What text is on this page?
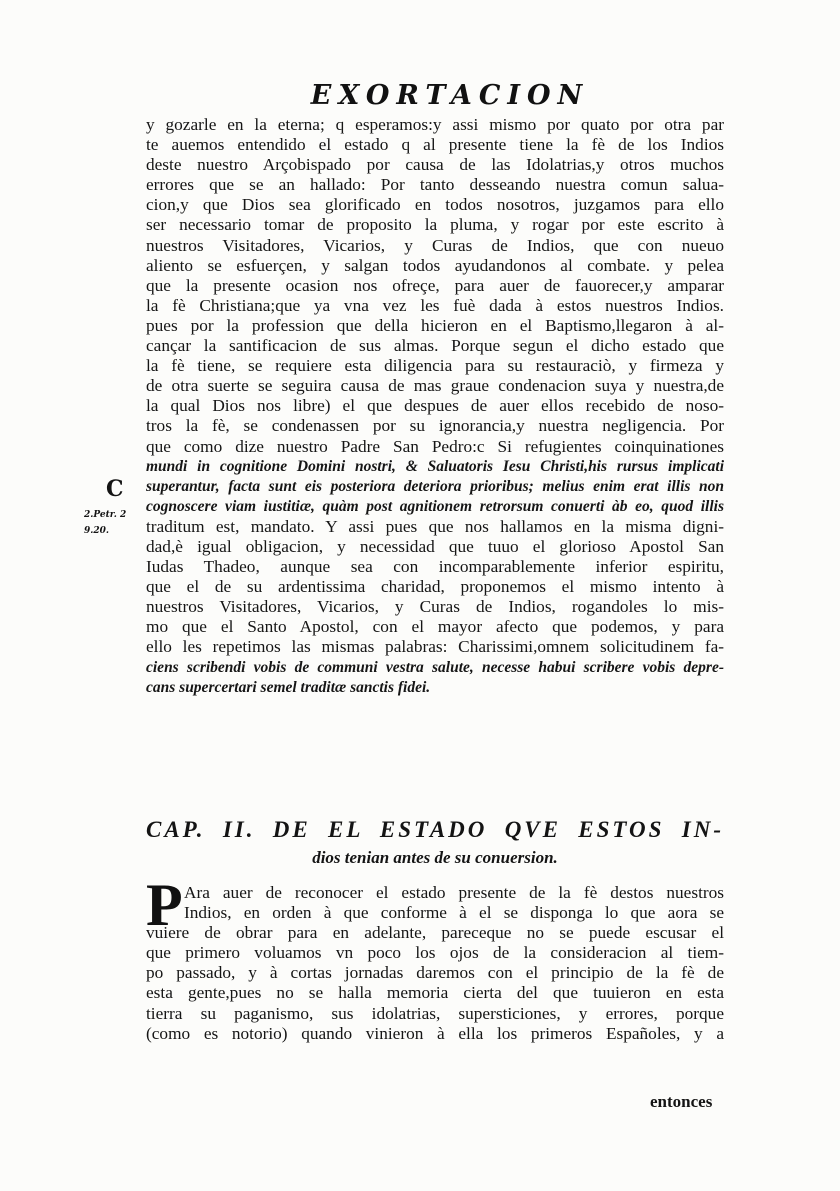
EXORTACION
C
2.Petr. 2
9.20.
y gozarle en la eterna; q esperamos:y assi mismo por quato por otra par
te auemos entendido el estado q al presente tiene la fè de los Indios
deste nuestro Arçobispado por causa de las Idolatrias,y otros muchos
errores que se an hallado: Por tanto desseando nuestra comun salua-
cion,y que Dios sea glorificado en todos nosotros, juzgamos para ello
ser necessario tomar de proposito la pluma, y rogar por este escrito à
nuestros Visitadores, Vicarios, y Curas de Indios, que con nueuo
aliento se esfuerçen, y salgan todos ayudandonos al combate. y pelea
que la presente ocasion nos ofreçe, para auer de fauorecer,y amparar
la fè Christiana;que ya vna vez les fuè dada à estos nuestros Indios.
pues por la profession que della hicieron en el Baptismo,llegaron à al-
cançar la santificacion de sus almas. Porque segun el dicho estado que
la fè tiene, se requiere esta diligencia para su restauraciò, y firmeza y
de otra suerte se seguira causa de mas graue condenacion suya y nuestra,de
la qual Dios nos libre) el que despues de auer ellos recebido de noso-
tros la fè, se condenassen por su ignorancia,y nuestra negligencia. Por
que como dize nuestro Padre San Pedro:c Si refugientes coinquinationes
mundi in cognitione Domini nostri, & Saluatoris Iesu Christi,his rursus implicati
superantur, facta sunt eis posteriora deteriora prioribus; melius enim erat illis non
cognoscere viam iustitiæ, quàm post agnitionem retrorsum conuerti àb eo, quod illis
traditum est, mandato. Y assi pues que nos hallamos en la misma digni-
dad,è igual obligacion, y necessidad que tuuo el glorioso Apostol San
Iudas Thadeo, aunque sea con incomparablemente inferior espiritu,
que el de su ardentissima charidad, proponemos el mismo intento à
nuestros Visitadores, Vicarios, y Curas de Indios, rogandoles lo mis-
mo que el Santo Apostol, con el mayor afecto que podemos, y para
ello les repetimos las mismas palabras: Charissimi,omnem solicitudinem fa-
ciens scribendi vobis de communi vestra salute, necesse habui scribere vobis depre-
cans supercertari semel traditæ sanctis fidei.
CAP. II. DE EL ESTADO QVE ESTOS IN-
dios tenian antes de su conuersion.
P Ara auer de reconocer el estado presente de la fè destos nuestros
Indios, en orden à que conforme à el se disponga lo que aora se
vuiere de obrar para en adelante, pareceque no se puede escusar el
que primero voluamos vn poco los ojos de la consideracion al tiem-
po passado, y à cortas jornadas daremos con el principio de la fè de
esta gente,pues no se halla memoria cierta del que tuuieron en esta
tierra su paganismo, sus idolatrias, supersticiones, y errores, porque
(como es notorio) quando vinieron à ella los primeros Españoles, y a
entonces
